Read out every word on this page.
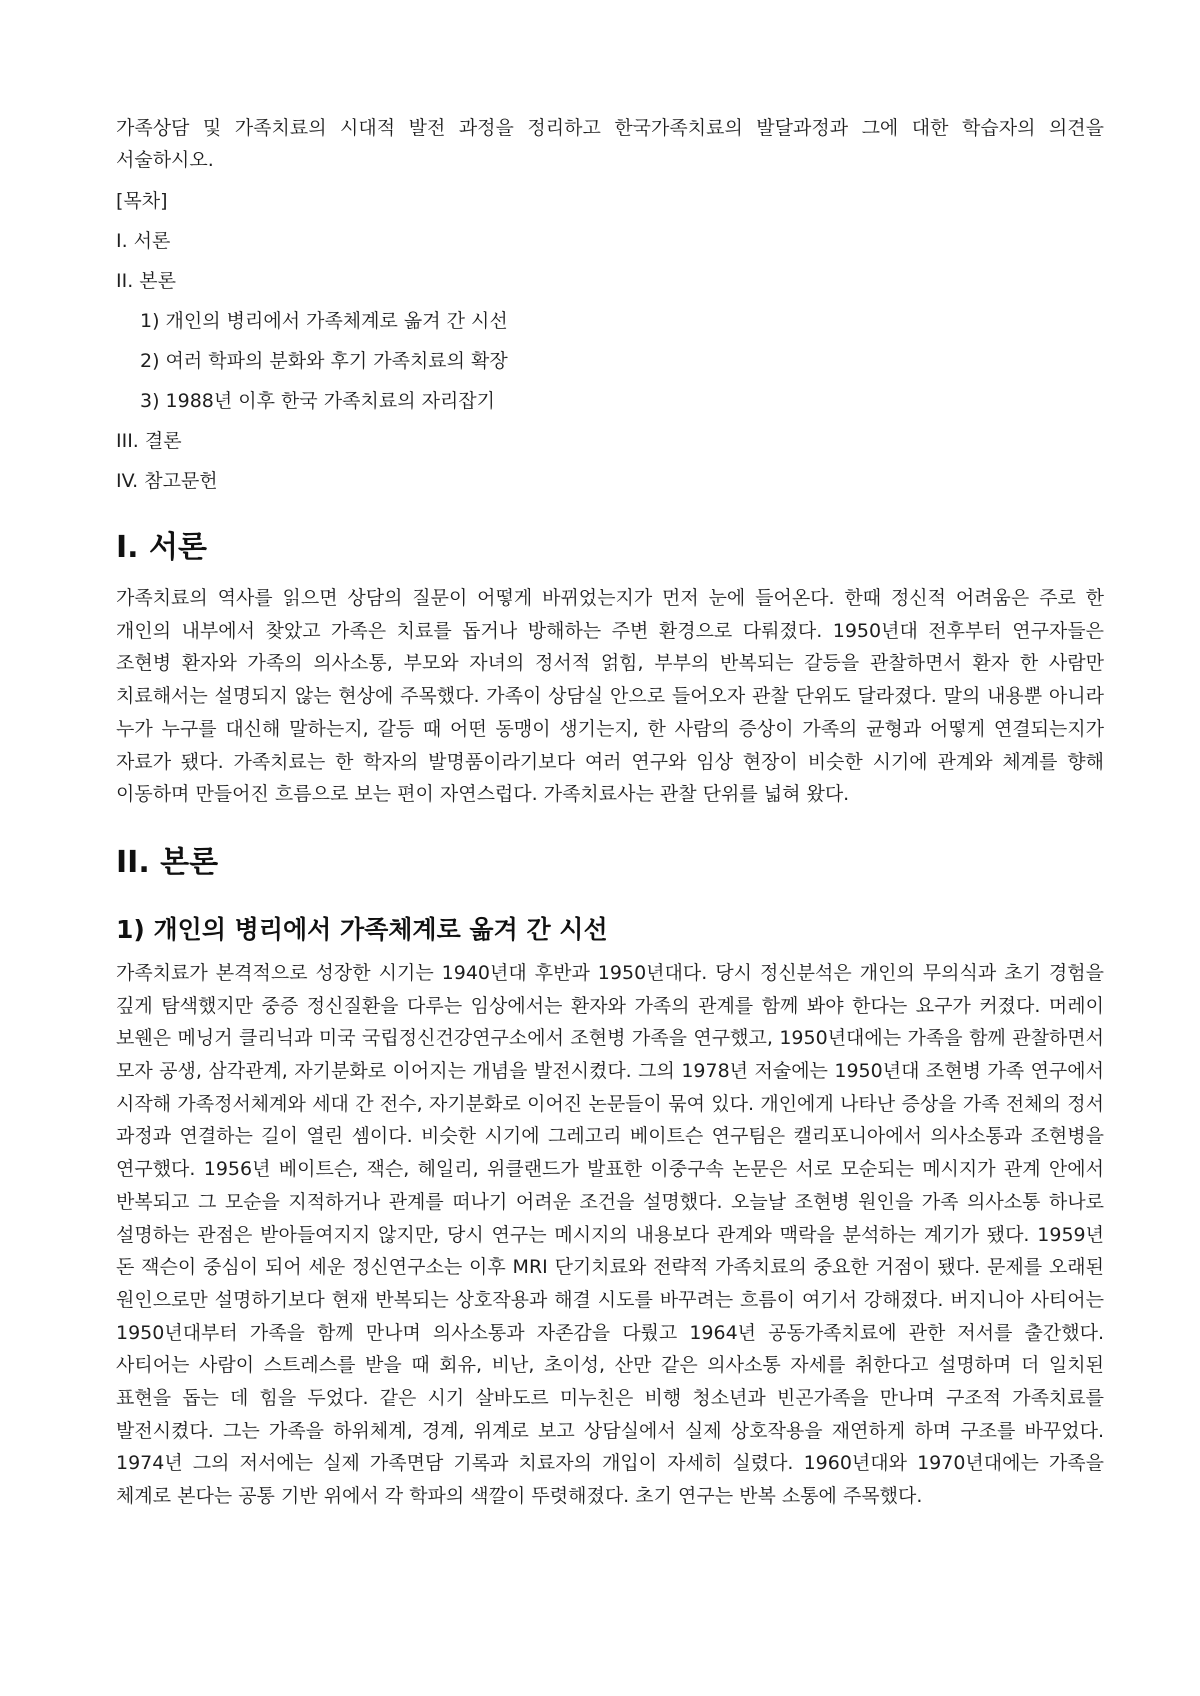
가족상담 및 가족치료의 시대적 발전 과정을 정리하고 한국가족치료의 발달과정과 그에 대한 학습자의 의견을 서술하시오.

[목차]
I. 서론
II. 본론
1) 개인의 병리에서 가족체계로 옮겨 간 시선
2) 여러 학파의 분화와 후기 가족치료의 확장
3) 1988년 이후 한국 가족치료의 자리잡기
III. 결론
IV. 참고문헌
I. 서론

가족치료의 역사를 읽으면 상담의 질문이 어떻게 바뀌었는지가 먼저 눈에 들어온다. 한때 정신적 어려움은 주로 한 개인의 내부에서 찾았고 가족은 치료를 돕거나 방해하는 주변 환경으로 다뤄졌다. 1950년대 전후부터 연구자들은 조현병 환자와 가족의 의사소통, 부모와 자녀의 정서적 얽힘, 부부의 반복되는 갈등을 관찰하면서 환자 한 사람만 치료해서는 설명되지 않는 현상에 주목했다. 가족이 상담실 안으로 들어오자 관찰 단위도 달라졌다. 말의 내용뿐 아니라 누가 누구를 대신해 말하는지, 갈등 때 어떤 동맹이 생기는지, 한 사람의 증상이 가족의 균형과 어떻게 연결되는지가 자료가 됐다. 가족치료는 한 학자의 발명품이라기보다 여러 연구와 임상 현장이 비슷한 시기에 관계와 체계를 향해 이동하며 만들어진 흐름으로 보는 편이 자연스럽다. 가족치료사는 관찰 단위를 넓혀 왔다.

II. 본론
1) 개인의 병리에서 가족체계로 옮겨 간 시선

가족치료가 본격적으로 성장한 시기는 1940년대 후반과 1950년대다. 당시 정신분석은 개인의 무의식과 초기 경험을 깊게 탐색했지만 중증 정신질환을 다루는 임상에서는 환자와 가족의 관계를 함께 봐야 한다는 요구가 커졌다. 머레이 보웬은 메닝거 클리닉과 미국 국립정신건강연구소에서 조현병 가족을 연구했고, 1950년대에는 가족을 함께 관찰하면서 모자 공생, 삼각관계, 자기분화로 이어지는 개념을 발전시켰다. 그의 1978년 저술에는 1950년대 조현병 가족 연구에서 시작해 가족정서체계와 세대 간 전수, 자기분화로 이어진 논문들이 묶여 있다. 개인에게 나타난 증상을 가족 전체의 정서 과정과 연결하는 길이 열린 셈이다. 비슷한 시기에 그레고리 베이트슨 연구팀은 캘리포니아에서 의사소통과 조현병을 연구했다. 1956년 베이트슨, 잭슨, 헤일리, 위클랜드가 발표한 이중구속 논문은 서로 모순되는 메시지가 관계 안에서 반복되고 그 모순을 지적하거나 관계를 떠나기 어려운 조건을 설명했다. 오늘날 조현병 원인을 가족 의사소통 하나로 설명하는 관점은 받아들여지지 않지만, 당시 연구는 메시지의 내용보다 관계와 맥락을 분석하는 계기가 됐다. 1959년 돈 잭슨이 중심이 되어 세운 정신연구소는 이후 MRI 단기치료와 전략적 가족치료의 중요한 거점이 됐다. 문제를 오래된 원인으로만 설명하기보다 현재 반복되는 상호작용과 해결 시도를 바꾸려는 흐름이 여기서 강해졌다. 버지니아 사티어는 1950년대부터 가족을 함께 만나며 의사소통과 자존감을 다뤘고 1964년 공동가족치료에 관한 저서를 출간했다. 사티어는 사람이 스트레스를 받을 때 회유, 비난, 초이성, 산만 같은 의사소통 자세를 취한다고 설명하며 더 일치된 표현을 돕는 데 힘을 두었다. 같은 시기 살바도르 미누친은 비행 청소년과 빈곤가족을 만나며 구조적 가족치료를 발전시켰다. 그는 가족을 하위체계, 경계, 위계로 보고 상담실에서 실제 상호작용을 재연하게 하며 구조를 바꾸었다. 1974년 그의 저서에는 실제 가족면담 기록과 치료자의 개입이 자세히 실렸다. 1960년대와 1970년대에는 가족을 체계로 본다는 공통 기반 위에서 각 학파의 색깔이 뚜렷해졌다. 초기 연구는 반복 소통에 주목했다.
